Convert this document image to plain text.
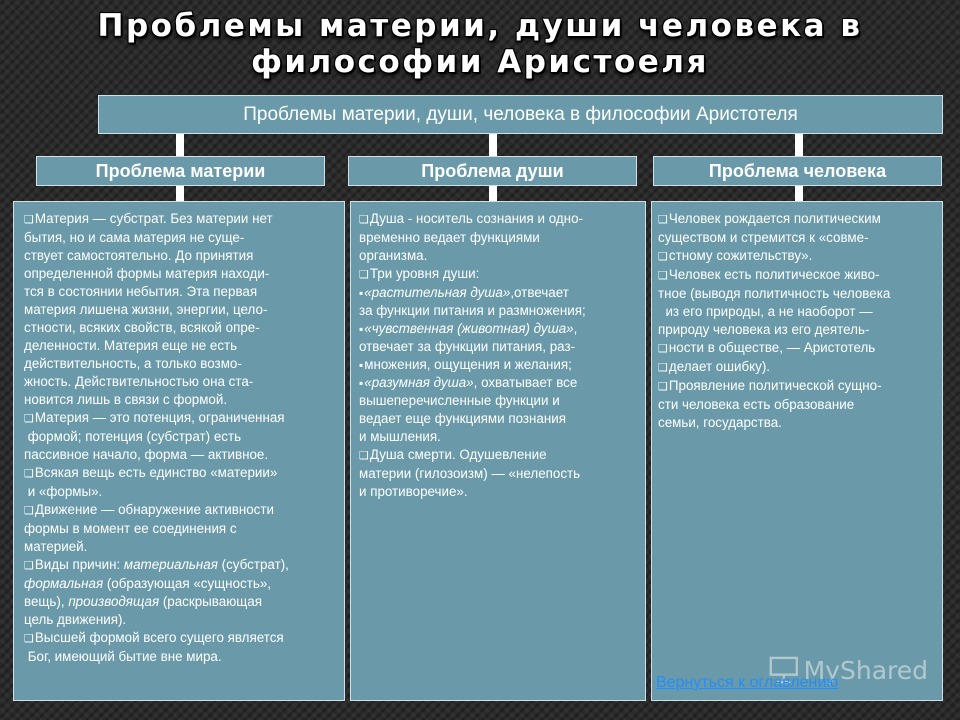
Проблемы материи, души человека в
философии Аристоеля
Проблемы материи, души, человека в философии Аристотеля
Проблема материи	Проблема души	Проблема человека

❑ Материя — субстрат. Без материи нет

бытия, но и сама материя не суще-

ствует самостоятельно. До принятия

определенной формы материя находи-

тся в состоянии небытия. Эта первая

материя лишена жизни, энергии, цело-

стности, всяких свойств, всякой опре-

деленности. Материя еще не есть

действительность, а только возмо-

жность. Действительностью она ста-

новится лишь в связи с формой.

❑ Материя — это потенция, ограниченная

формой; потенция (субстрат) есть

пассивное начало, форма — активное.

❑ Всякая вещь есть единство «материи»

и «формы».

❑ Движение — обнаружение активности

формы в момент ее соединения с

материей.

❑ Виды причин: материальная (субстрат),

формальная (образующая «сущность»,

вещь), производящая (раскрывающая

цель движения).

❑ Высшей формой всего сущего является

Бог, имеющий бытие вне мира.

❑ Душа - носитель сознания и одно-

временно ведает функциями

организма.

❑ Три уровня души:

▪ «растительная душа»,отвечает

за функции питания и размножения;

▪ «чувственная (животная) душа»,

отвечает за функции питания, раз-

▪ множения, ощущения и желания;

▪ «разумная душа», охватывает все

вышеперечисленные функции и

ведает еще функциями познания

и мышления.

❑ Душа смерти. Одушевление

материи (гилозоизм) — «нелепость

и противоречие».

❑ Человек рождается политическим

существом и стремится к «совме-

❑ стному сожительству».

❑ Человек есть политическое живо-

тное (выводя политичность человека

из его природы, а не наоборот —

природу человека из его деятель-

❑ ности в обществе, — Аристотель

❑ делает ошибку).

❑ Проявление политической сущно-

сти человека есть образование

семьи, государства.

MyShared
Вернуться к оглавлению
